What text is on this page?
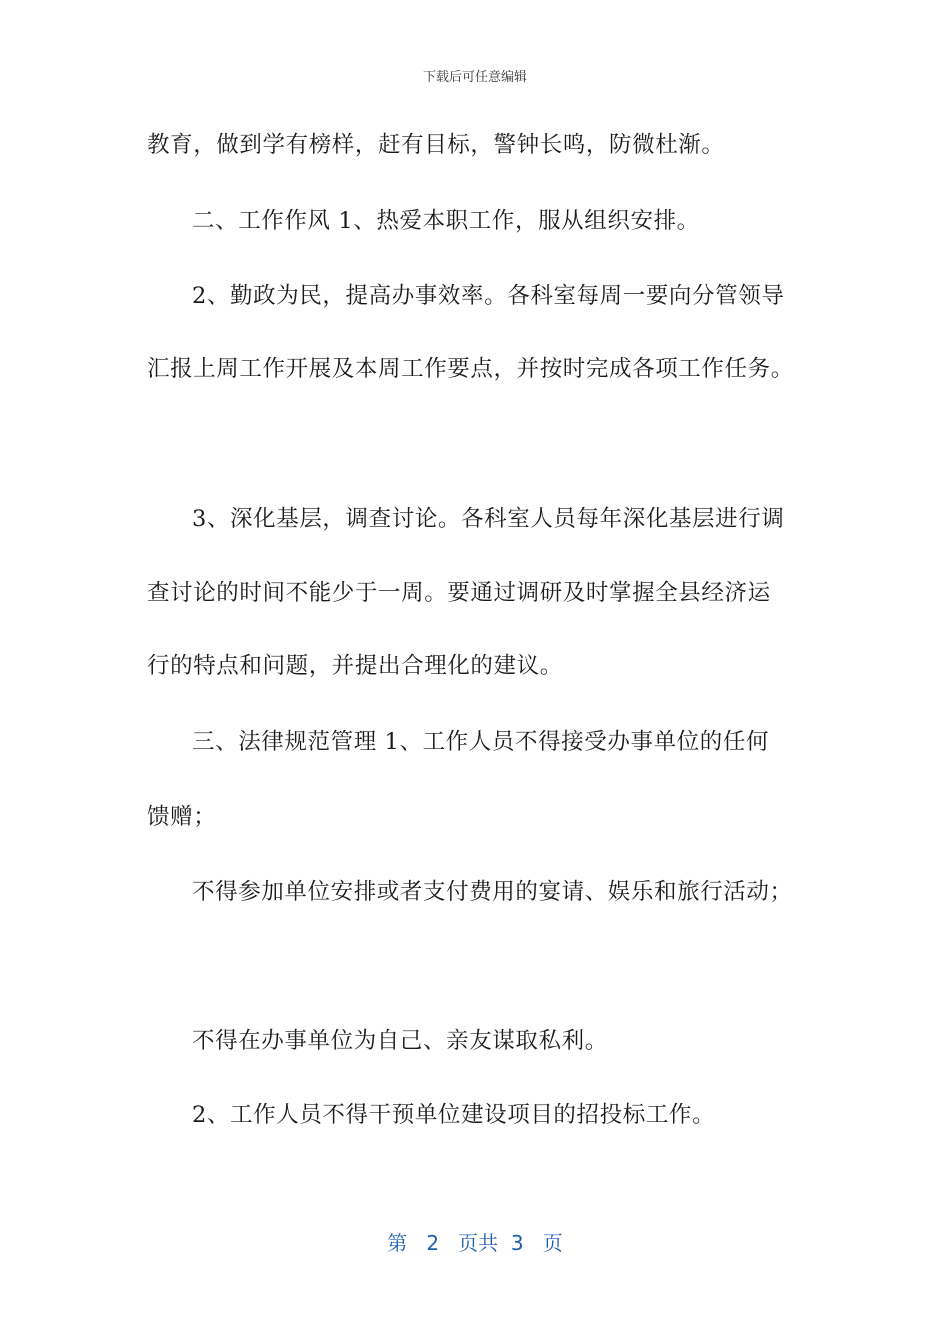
下载后可任意编辑
教育，做到学有榜样，赶有目标，警钟长鸣，防微杜渐。
二、工作作风 1、热爱本职工作，服从组织安排。
2、勤政为民，提高办事效率。各科室每周一要向分管领导
汇报上周工作开展及本周工作要点，并按时完成各项工作任务。
3、深化基层，调查讨论。各科室人员每年深化基层进行调
查讨论的时间不能少于一周。要通过调研及时掌握全县经济运
行的特点和问题，并提出合理化的建议。
三、法律规范管理 1、工作人员不得接受办事单位的任何
馈赠；
不得参加单位安排或者支付费用的宴请、娱乐和旅行活动；
不得在办事单位为自己、亲友谋取私利。
2、工作人员不得干预单位建设项目的招投标工作。
第 2 页共 3 页
